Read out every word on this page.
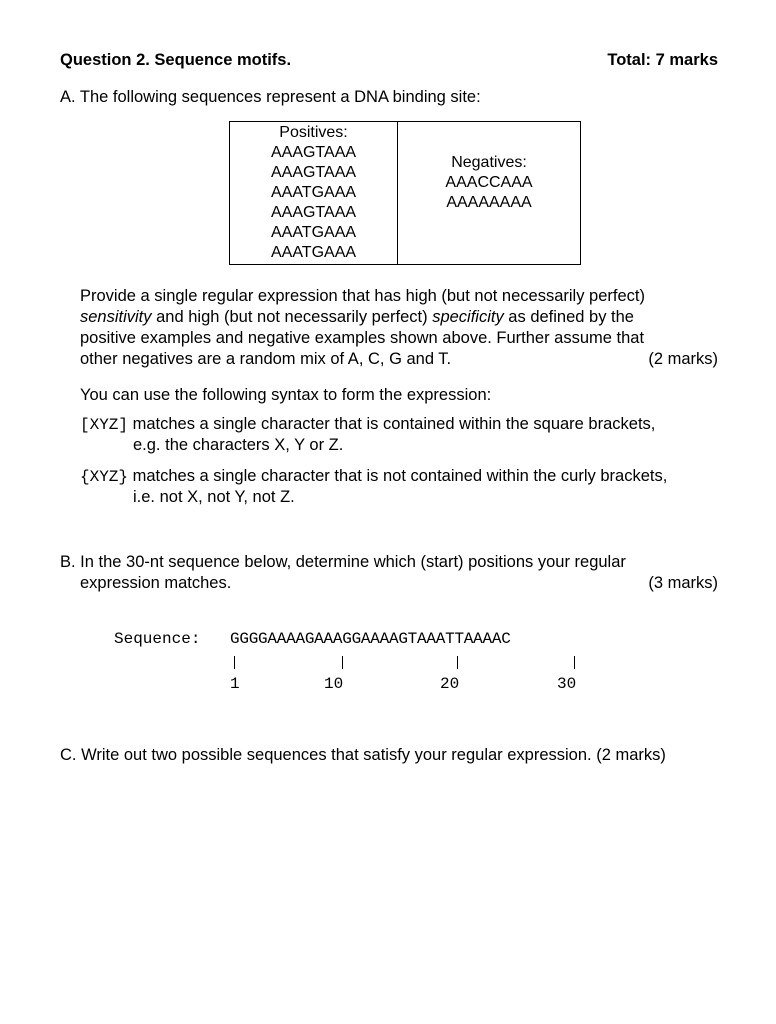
Question 2. Sequence motifs.	Total: 7 marks
A. The following sequences represent a DNA binding site:
Positives:
AAAGTAAA
AAAGTAAA
AAATGAAA
AAAGTAAA
AAATGAAA
AAATGAAA

Negatives:
AAACCAAA
AAAAAAAA
Provide a single regular expression that has high (but not necessarily perfect)
sensitivity and high (but not necessarily perfect) specificity as defined by the
positive examples and negative examples shown above. Further assume that
other negatives are a random mix of A, C, G and T.	(2 marks)
You can use the following syntax to form the expression:
[XYZ] matches a single character that is contained within the square brackets,
e.g. the characters X, Y or Z.
{XYZ} matches a single character that is not contained within the curly brackets,
i.e. not X, not Y, not Z.
B. In the 30-nt sequence below, determine which (start) positions your regular
expression matches.	(3 marks)
Sequence: GGGGAAAAGAAAGGAAAAGTAAATTAAAAC
1	10	20	30
C. Write out two possible sequences that satisfy your regular expression. (2 marks)
